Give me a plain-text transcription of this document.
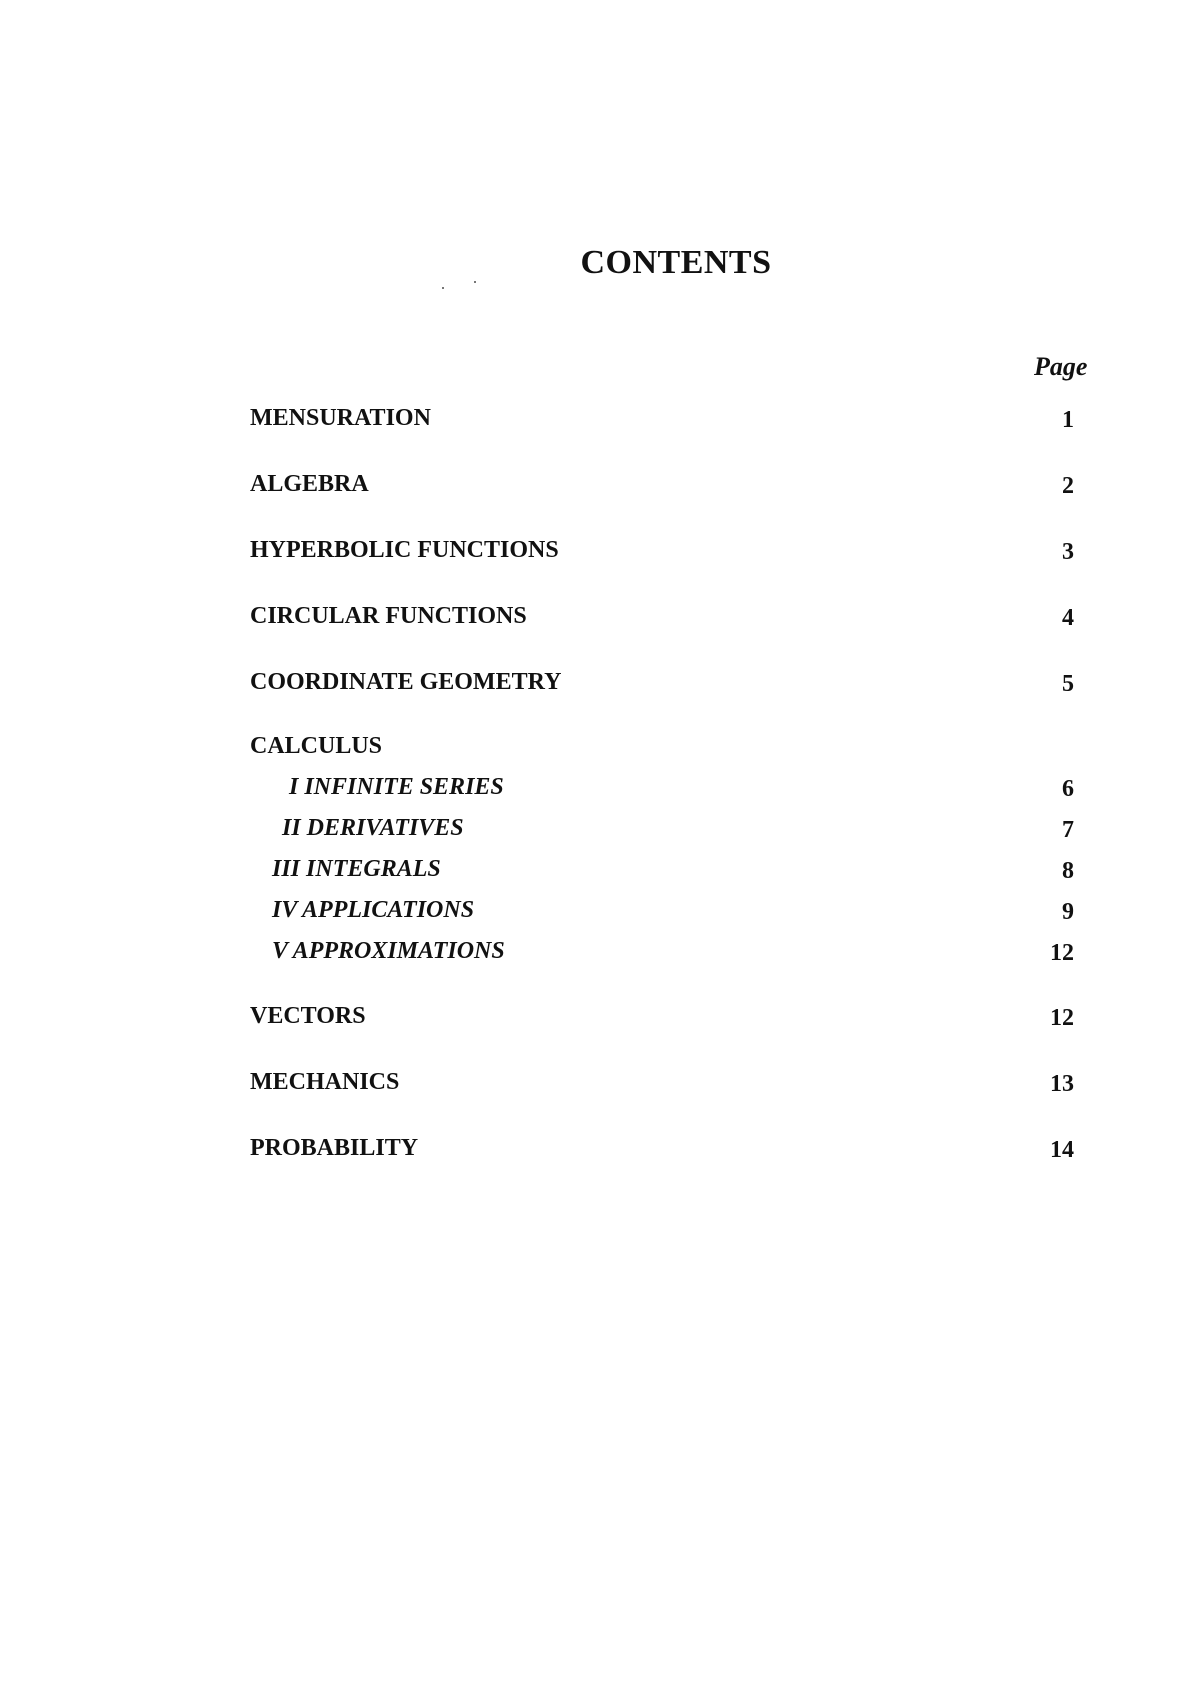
CONTENTS
Page
MENSURATION	1
ALGEBRA	2
HYPERBOLIC FUNCTIONS	3
CIRCULAR FUNCTIONS	4
COORDINATE GEOMETRY	5
CALCULUS
I INFINITE SERIES	6
II DERIVATIVES	7
III INTEGRALS	8
IV APPLICATIONS	9
V APPROXIMATIONS	12
VECTORS	12
MECHANICS	13
PROBABILITY	14
